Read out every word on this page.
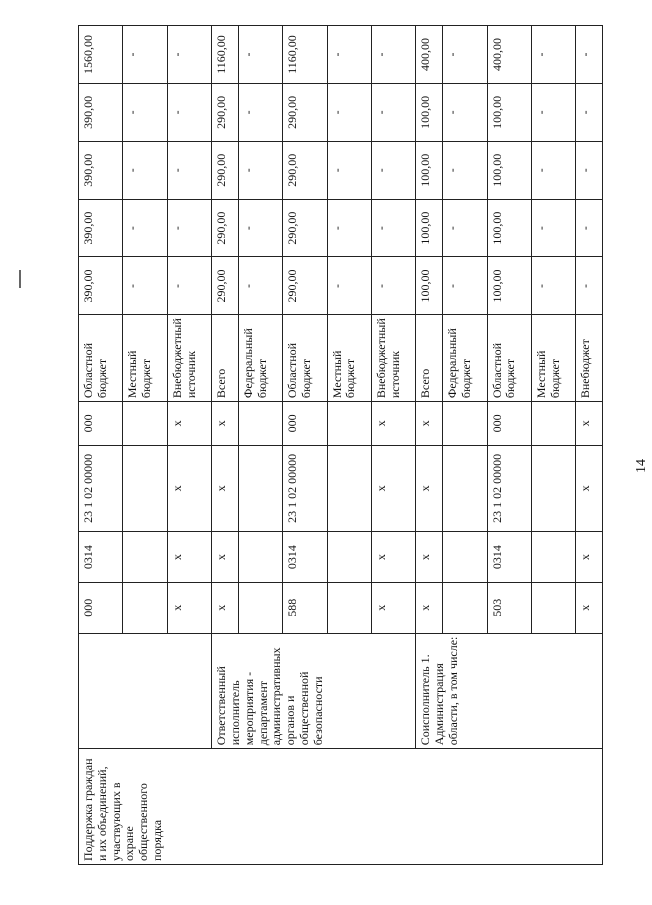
14
Поддержка граждан и их объединений, участвующих в охране общественного порядка		000	0314	23 1 02 00000	000	Областной бюджет	390,00	390,00	390,00	390,00	1560,00
						Местный бюджет	-	-	-	-	-
		х	х	х	х	Внебюджетный источник	-	-	-	-	-
	Ответственный исполнитель мероприятия - департамент административных органов и общественной безопасности	х	х	х	х	Всего	290,00	290,00	290,00	290,00	1160,00
						Федеральный бюджет	-	-	-	-	-
		588	0314	23 1 02 00000	000	Областной бюджет	290,00	290,00	290,00	290,00	1160,00
						Местный бюджет	-	-	-	-	-
		х	х	х	х	Внебюджетный источник	-	-	-	-	-
	Соисполнитель 1. Администрация области, в том числе:	х	х	х	х	Всего	100,00	100,00	100,00	100,00	400,00
						Федеральный бюджет	-	-	-	-	-
		503	0314	23 1 02 00000	000	Областной бюджет	100,00	100,00	100,00	100,00	400,00
						Местный бюджет	-	-	-	-	-
		х	х	х	х	Внебюджет	-	-	-	-	-
